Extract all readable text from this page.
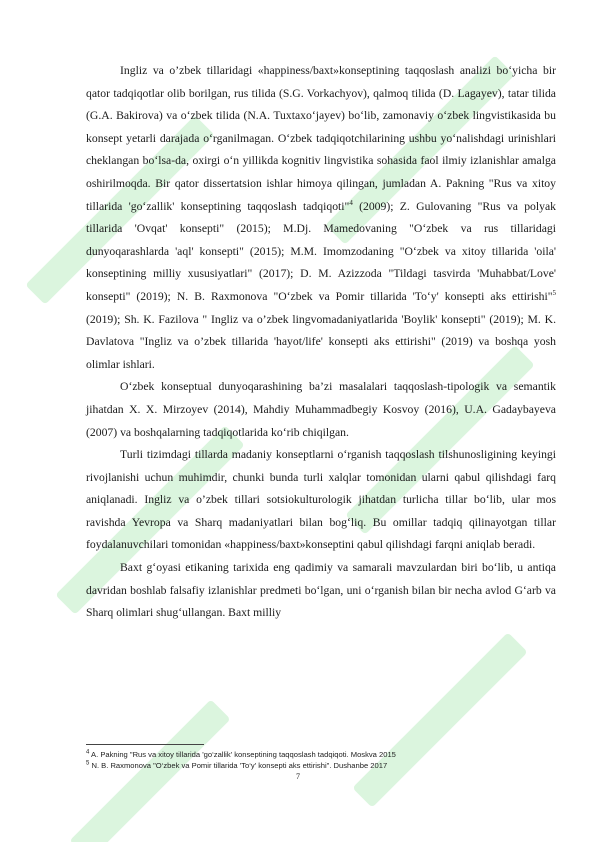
Ingliz va o’zbek tillaridagi «happiness/baxt»konseptining taqqoslash analizi bo‘yicha bir qator tadqiqotlar olib borilgan, rus tilida (S.G. Vorkachyov), qalmoq tilida (D. Lagayev), tatar tilida (G.A. Bakirova) va o‘zbek tilida (N.A. Tuxtaxo‘jayev) bo‘lib, zamonaviy o‘zbek lingvistikasida bu konsept yetarli darajada o‘rganilmagan. O‘zbek tadqiqotchilarining ushbu yo‘nalishdagi urinishlari cheklangan bo‘lsa-da, oxirgi o‘n yillikda kognitiv lingvistika sohasida faol ilmiy izlanishlar amalga oshirilmoqda. Bir qator dissertatsion ishlar himoya qilingan, jumladan A. Pakning "Rus va xitoy tillarida 'go‘zallik' konseptining taqqoslash tadqiqoti"$^4$ (2009); Z. Gulovaning "Rus va polyak tillarida 'Ovqat' konsepti" (2015); M.Dj. Mamedovaning "O‘zbek va rus tillaridagi dunyoqarashlarda 'aql' konsepti" (2015); M.M. Imomzodaning "O‘zbek va xitoy tillarida 'oila' konseptining milliy xususiyatlari" (2017); D. M. Azizzoda "Tildagi tasvirda 'Muhabbat/Love' konsepti" (2019); N. B. Raxmonova "O‘zbek va Pomir tillarida 'To‘y' konsepti aks ettirishi"$^5$ (2019); Sh. K. Fazilova " Ingliz va o’zbek lingvomadaniyatlarida 'Boylik' konsepti" (2019); M. K. Davlatova "Ingliz va o’zbek tillarida 'hayot/life' konsepti aks ettirishi" (2019) va boshqa yosh olimlar ishlari.

O‘zbek konseptual dunyoqarashining ba’zi masalalari taqqoslash-tipologik va semantik jihatdan X. X. Mirzoyev (2014), Mahdiy Muhammadbegiy Kosvoy (2016), U.A. Gadaybayeva (2007) va boshqalarning tadqiqotlarida ko‘rib chiqilgan.

Turli tizimdagi tillarda madaniy konseptlarni o‘rganish taqqoslash tilshunosligining keyingi rivojlanishi uchun muhimdir, chunki bunda turli xalqlar tomonidan ularni qabul qilishdagi farq aniqlanadi. Ingliz va o’zbek tillari sotsiokulturologik jihatdan turlicha tillar bo‘lib, ular mos ravishda Yevropa va Sharq madaniyatlari bilan bog‘liq. Bu omillar tadqiq qilinayotgan tillar foydalanuvchilari tomonidan «happiness/baxt»konseptini qabul qilishdagi farqni aniqlab beradi.

Baxt g‘oyasi etikaning tarixida eng qadimiy va samarali mavzulardan biri bo‘lib, u antiqa davridan boshlab falsafiy izlanishlar predmeti bo‘lgan, uni o‘rganish bilan bir necha avlod G‘arb va Sharq olimlari shug‘ullangan. Baxt milliy

$^4$ A. Pakning "Rus va xitoy tillarida 'go‘zallik' konseptining taqqoslash tadqiqoti. Moskva 2015
$^5$ N. B. Raxmonova "O‘zbek va Pomir tillarida 'To‘y' konsepti aks ettirishi". Dushanbe 2017
7
